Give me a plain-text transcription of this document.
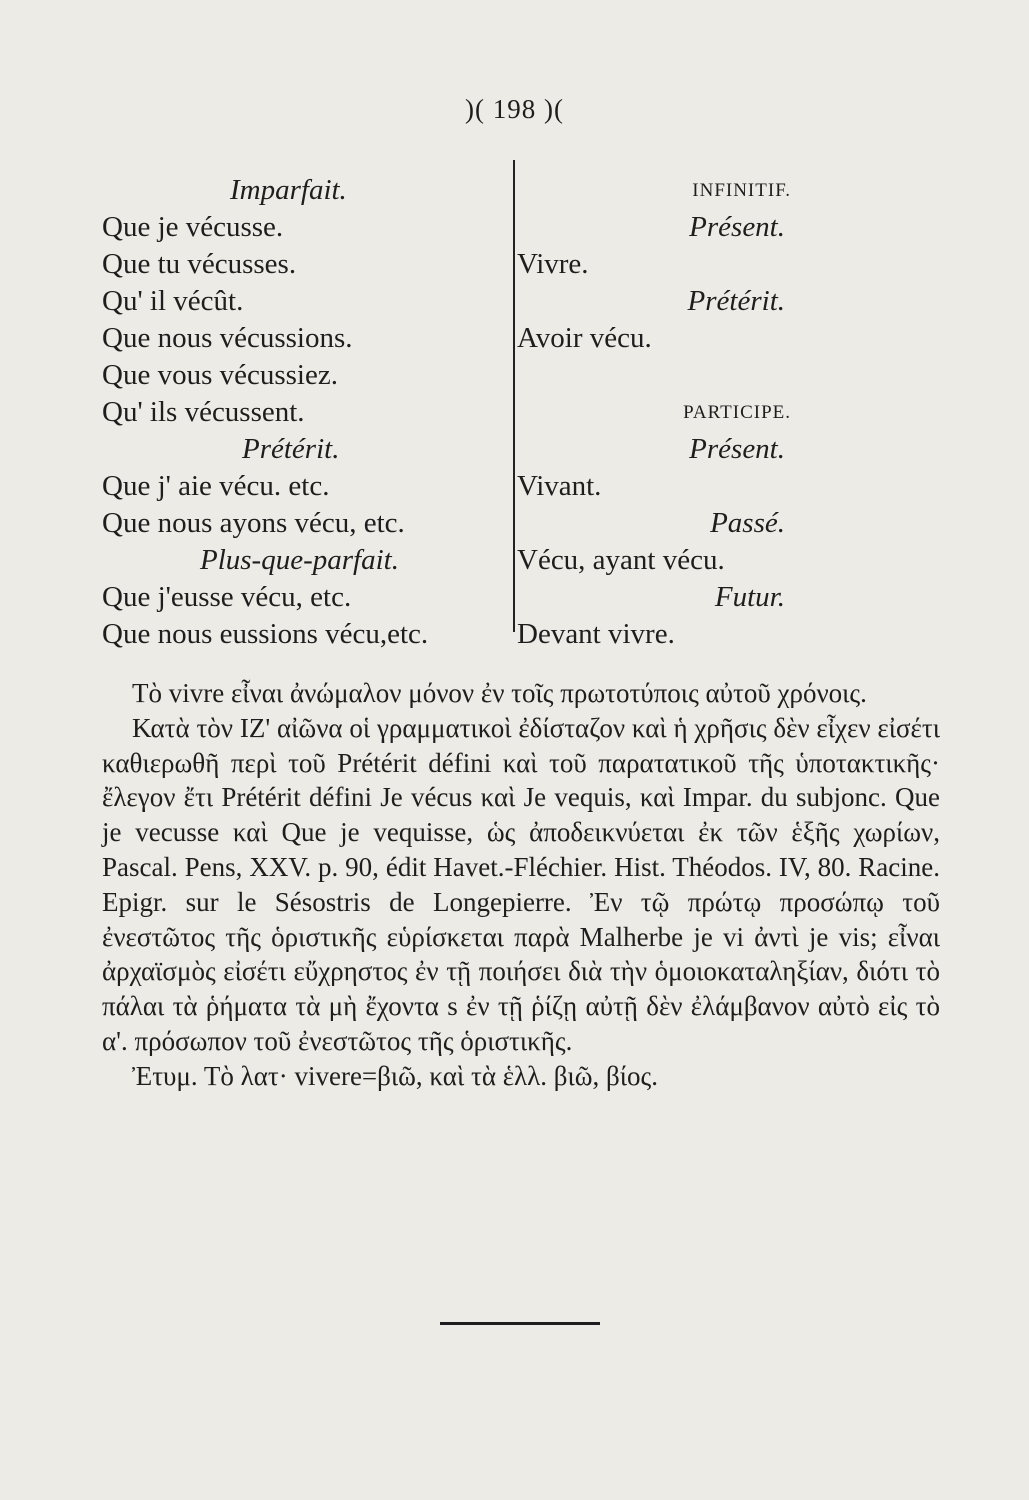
)( 198 )(
Imparfait.
Que je vécusse.
Que tu vécusses.
Qu' il vécût.
Que nous vécussions.
Que vous vécussiez.
Qu' ils vécussent.
Prétérit.
Que j' aie vécu. etc.
Que nous ayons vécu, etc.
Plus-que-parfait.
Que j'eusse vécu, etc.
Que nous eussions vécu,etc.
INFINITIF.
Présent.
Vivre.
Prétérit.
Avoir vécu.
PARTICIPE.
Présent.
Vivant.
Passé.
Vécu, ayant vécu.
Futur.
Devant vivre.

Τὸ vivre εἶναι ἀνώμαλον μόνον ἐν τοῖς πρωτοτύποις αὐτοῦ χρόνοις.

Κατὰ τὸν ΙΖ' αἰῶνα οἱ γραμματικοὶ ἐδίσταζον καὶ ἡ χρῆσις δὲν εἶχεν εἰσέτι καθιερωθῆ περὶ τοῦ Prétérit défini καὶ τοῦ παρατατικοῦ τῆς ὑποτακτικῆς· ἔλεγον ἔτι Prétérit défini Je vécus καὶ Je vequis, καὶ Impar. du subjonc. Que je vecusse καὶ Que je vequisse, ὡς ἀποδεικνύεται ἐκ τῶν ἑξῆς χωρίων, Pascal. Pens, XXV. p. 90, édit Havet.-Fléchier. Hist. Théodos. IV, 80. Racine. Epigr. sur le Sésostris de Longepierre. Ἐν τῷ πρώτῳ προσώπῳ τοῦ ἐνεστῶτος τῆς ὁριστικῆς εὑρίσκεται παρὰ Malherbe je vi ἀντὶ je vis; εἶναι ἀρχαϊσμὸς εἰσέτι εὔχρηστος ἐν τῇ ποιήσει διὰ τὴν ὁμοιοκαταληξίαν, διότι τὸ πάλαι τὰ ῥήματα τὰ μὴ ἔχοντα s ἐν τῇ ῥίζῃ αὐτῇ δὲν ἐλάμβανον αὐτὸ εἰς τὸ α'. πρόσωπον τοῦ ἐνεστῶτος τῆς ὁριστικῆς.

Ἐτυμ. Τὸ λατ· vivere=βιῶ, καὶ τὰ ἑλλ. βιῶ, βίος.
